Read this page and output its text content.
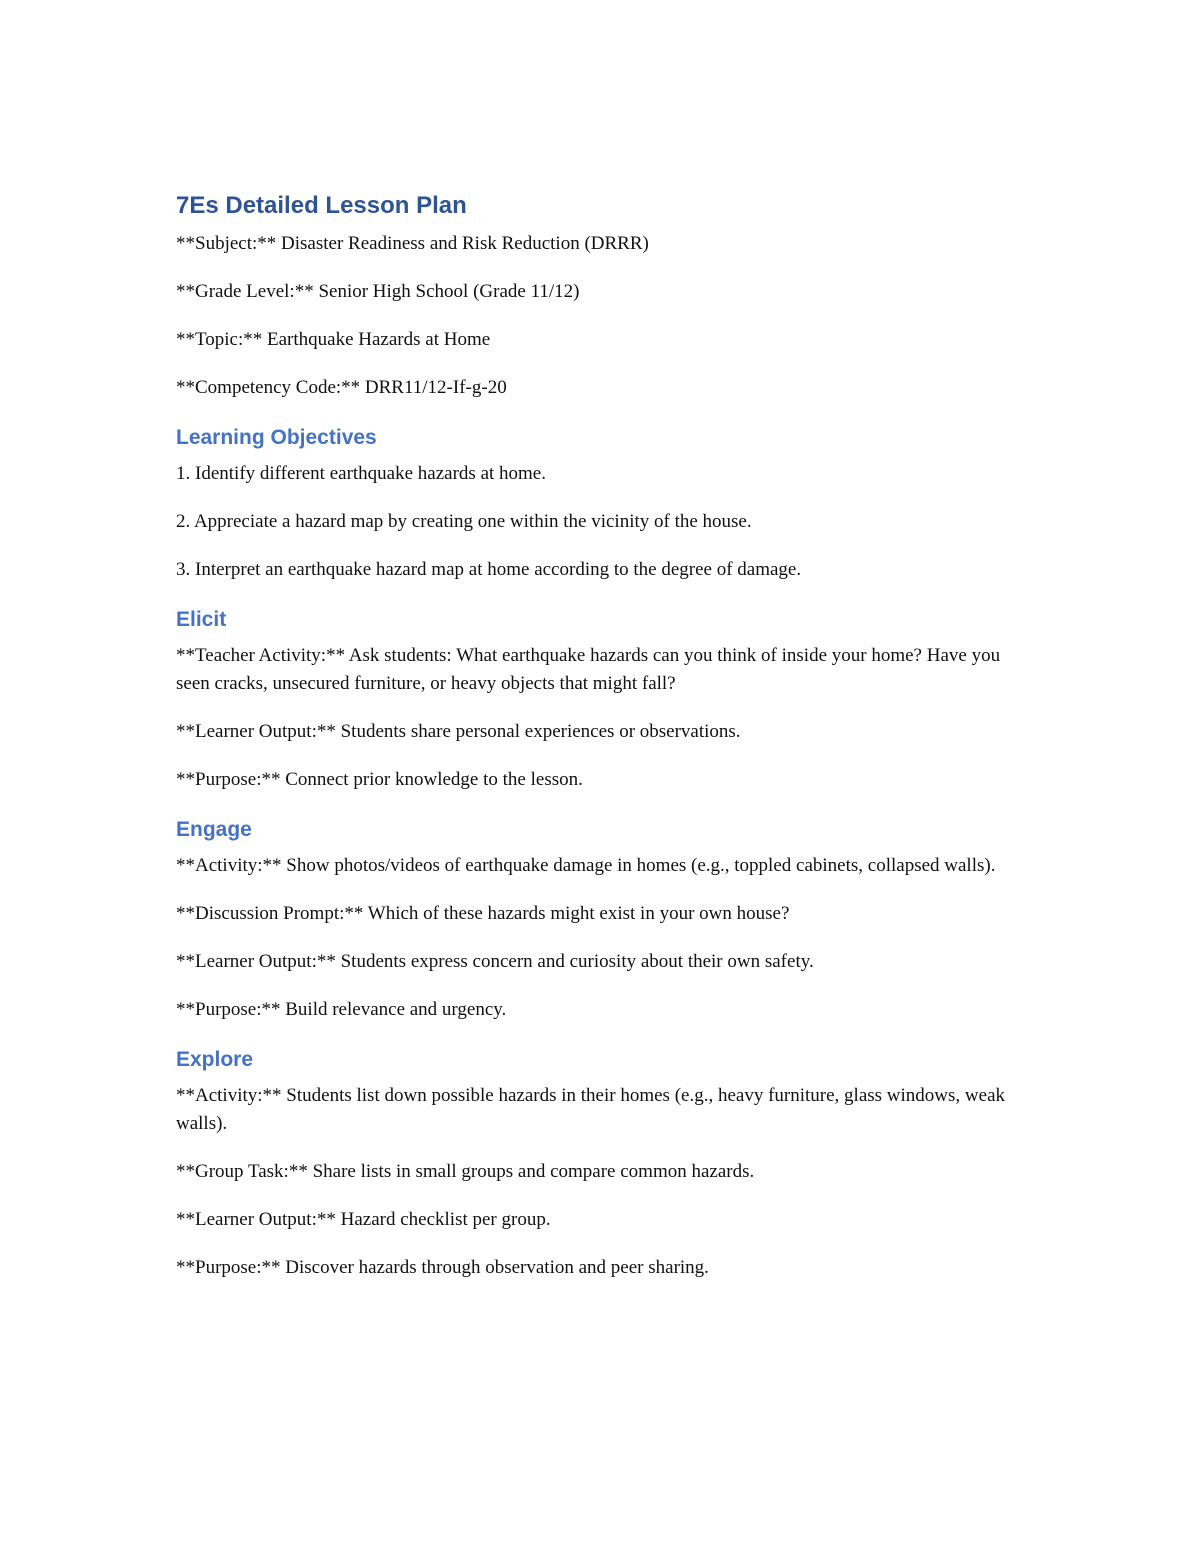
7Es Detailed Lesson Plan

**Subject:** Disaster Readiness and Risk Reduction (DRRR)

**Grade Level:** Senior High School (Grade 11/12)

**Topic:** Earthquake Hazards at Home

**Competency Code:** DRR11/12-If-g-20

Learning Objectives

1. Identify different earthquake hazards at home.

2. Appreciate a hazard map by creating one within the vicinity of the house.

3. Interpret an earthquake hazard map at home according to the degree of damage.

Elicit

**Teacher Activity:** Ask students: What earthquake hazards can you think of inside your home? Have you seen cracks, unsecured furniture, or heavy objects that might fall?

**Learner Output:** Students share personal experiences or observations.

**Purpose:** Connect prior knowledge to the lesson.

Engage

**Activity:** Show photos/videos of earthquake damage in homes (e.g., toppled cabinets, collapsed walls).

**Discussion Prompt:** Which of these hazards might exist in your own house?

**Learner Output:** Students express concern and curiosity about their own safety.

**Purpose:** Build relevance and urgency.

Explore

**Activity:** Students list down possible hazards in their homes (e.g., heavy furniture, glass windows, weak walls).

**Group Task:** Share lists in small groups and compare common hazards.

**Learner Output:** Hazard checklist per group.

**Purpose:** Discover hazards through observation and peer sharing.
